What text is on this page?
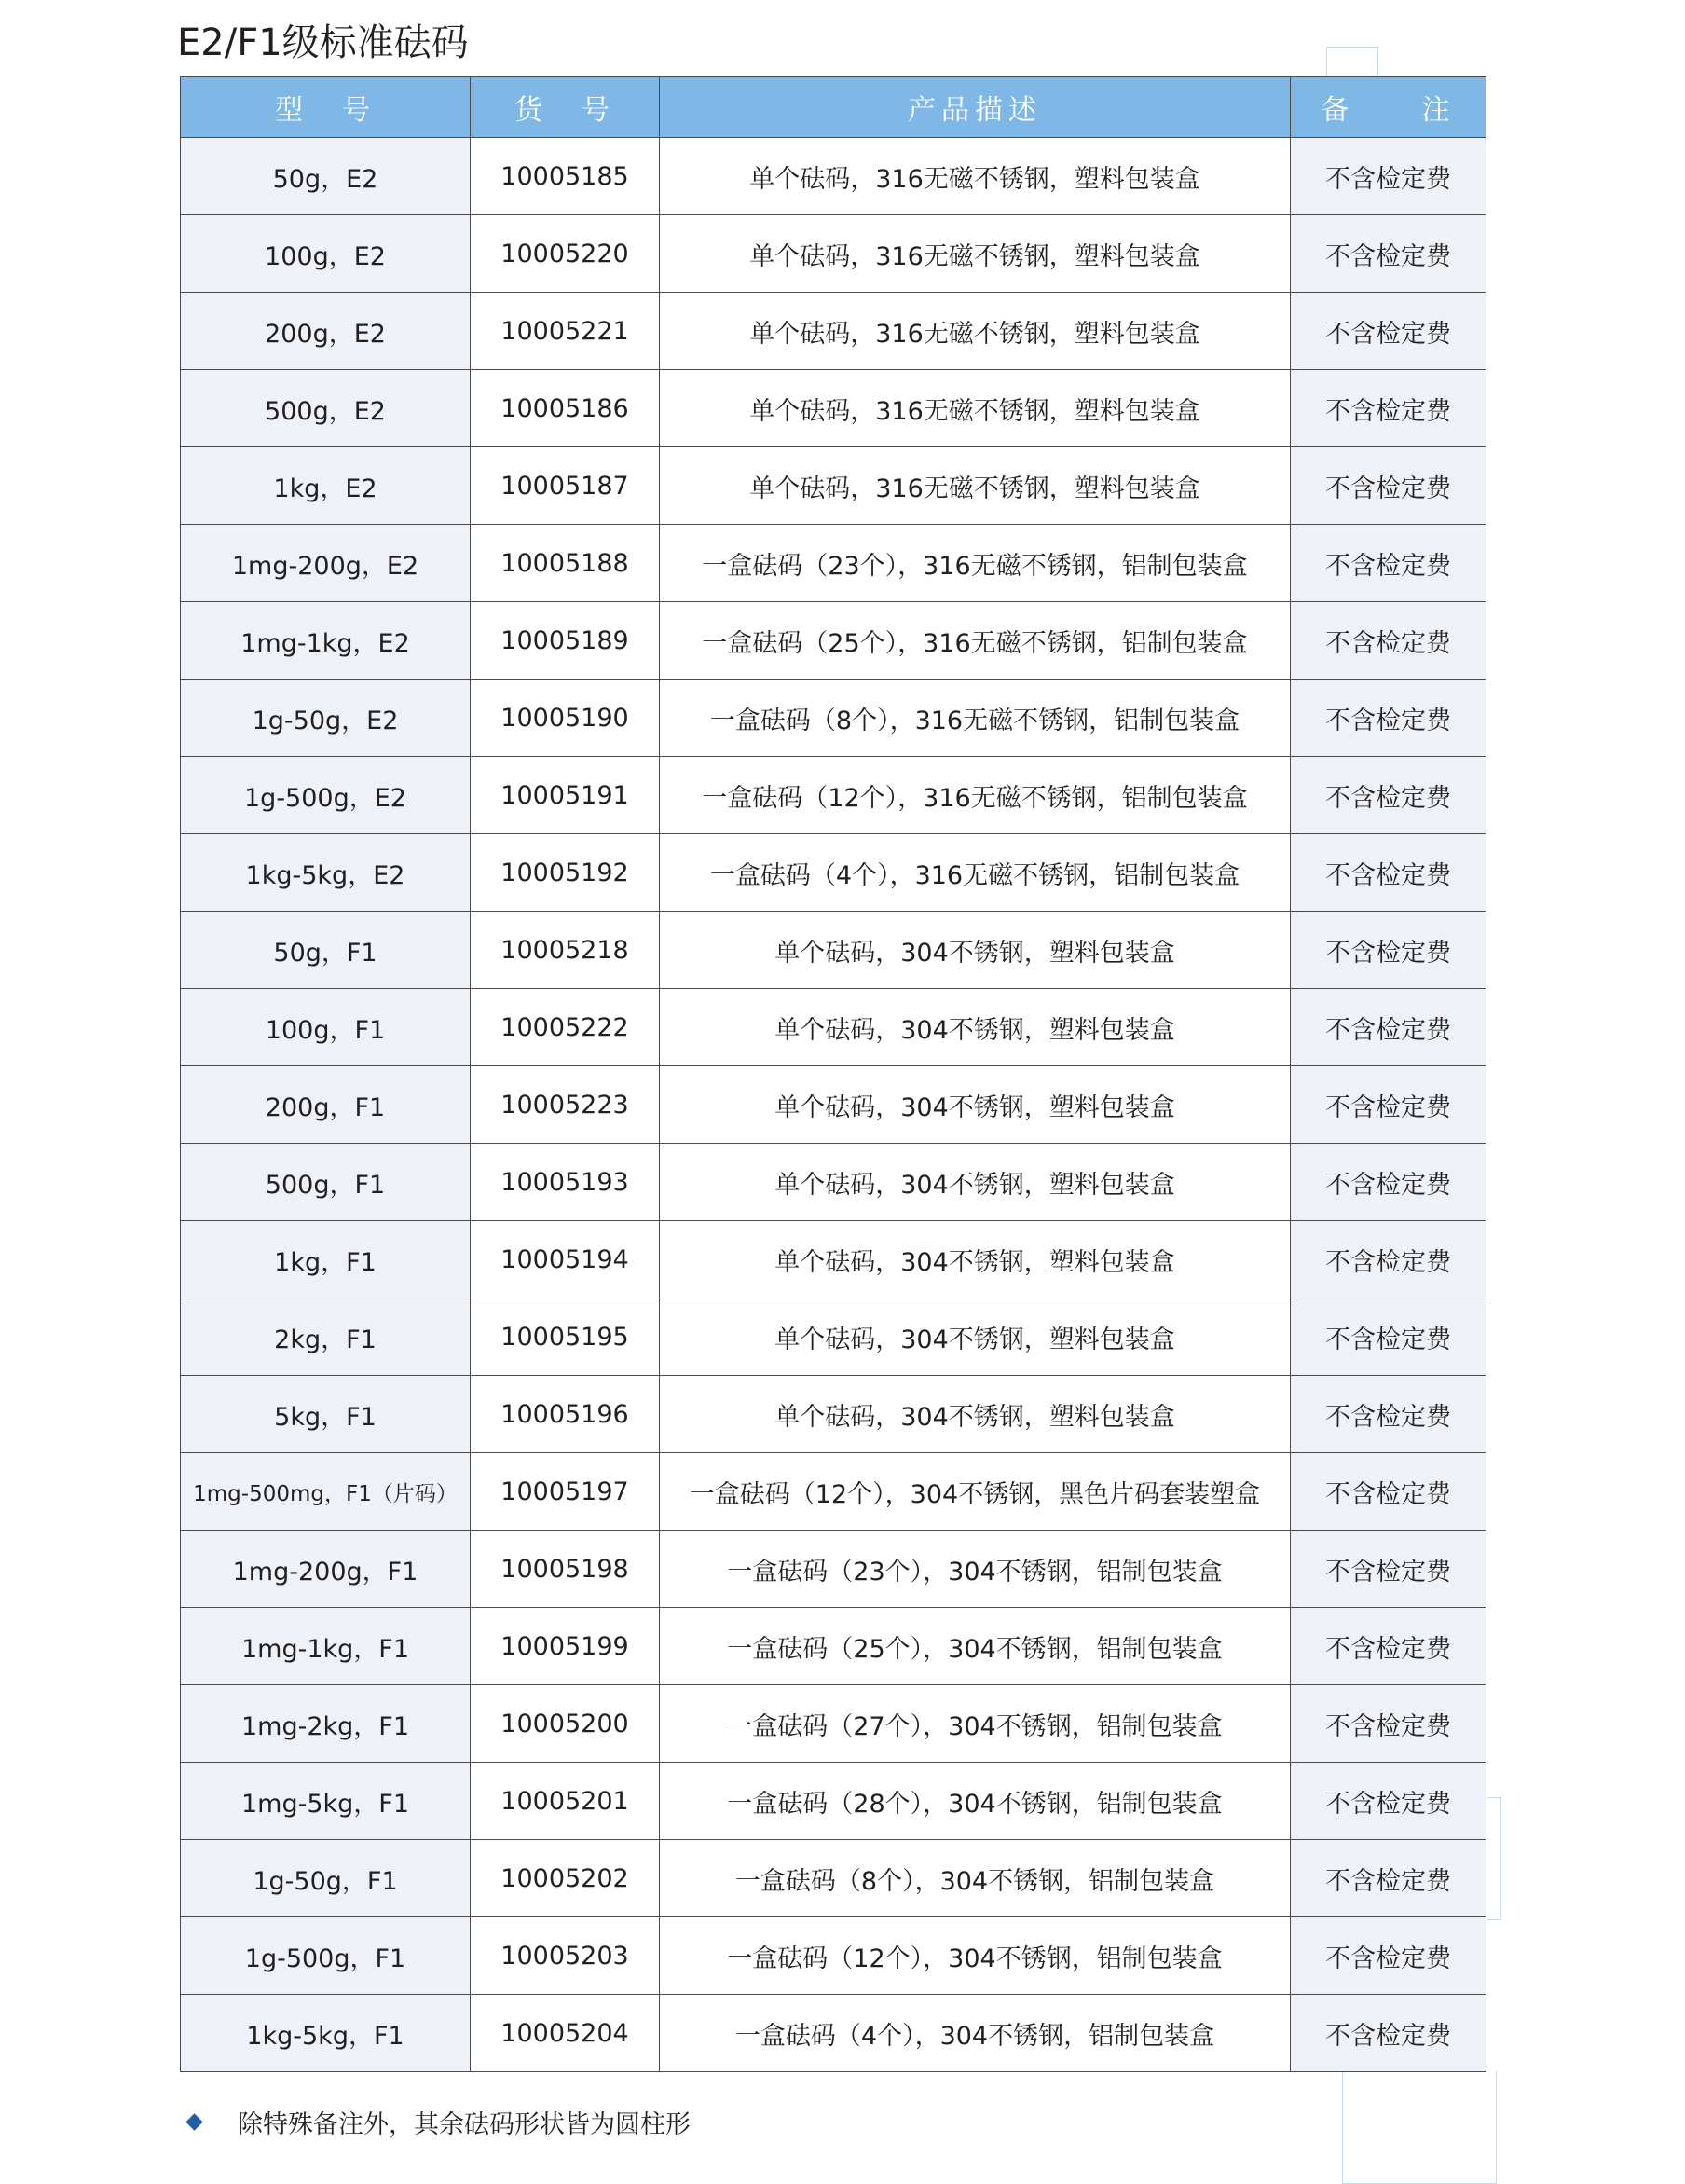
E2/F1级标准砝码
型　号	货　号	产品描述	备　　注
50g，E2	10005185	单个砝码，316无磁不锈钢，塑料包装盒	不含检定费
100g，E2	10005220	单个砝码，316无磁不锈钢，塑料包装盒	不含检定费
200g，E2	10005221	单个砝码，316无磁不锈钢，塑料包装盒	不含检定费
500g，E2	10005186	单个砝码，316无磁不锈钢，塑料包装盒	不含检定费
1kg，E2	10005187	单个砝码，316无磁不锈钢，塑料包装盒	不含检定费
1mg-200g，E2	10005188	一盒砝码（23个），316无磁不锈钢，铝制包装盒	不含检定费
1mg-1kg，E2	10005189	一盒砝码（25个），316无磁不锈钢，铝制包装盒	不含检定费
1g-50g，E2	10005190	一盒砝码（8个），316无磁不锈钢，铝制包装盒	不含检定费
1g-500g，E2	10005191	一盒砝码（12个），316无磁不锈钢，铝制包装盒	不含检定费
1kg-5kg，E2	10005192	一盒砝码（4个），316无磁不锈钢，铝制包装盒	不含检定费
50g，F1	10005218	单个砝码，304不锈钢，塑料包装盒	不含检定费
100g，F1	10005222	单个砝码，304不锈钢，塑料包装盒	不含检定费
200g，F1	10005223	单个砝码，304不锈钢，塑料包装盒	不含检定费
500g，F1	10005193	单个砝码，304不锈钢，塑料包装盒	不含检定费
1kg，F1	10005194	单个砝码，304不锈钢，塑料包装盒	不含检定费
2kg，F1	10005195	单个砝码，304不锈钢，塑料包装盒	不含检定费
5kg，F1	10005196	单个砝码，304不锈钢，塑料包装盒	不含检定费
1mg-500mg，F1（片码）	10005197	一盒砝码（12个），304不锈钢，黑色片码套装塑盒	不含检定费
1mg-200g，F1	10005198	一盒砝码（23个），304不锈钢，铝制包装盒	不含检定费
1mg-1kg，F1	10005199	一盒砝码（25个），304不锈钢，铝制包装盒	不含检定费
1mg-2kg，F1	10005200	一盒砝码（27个），304不锈钢，铝制包装盒	不含检定费
1mg-5kg，F1	10005201	一盒砝码（28个），304不锈钢，铝制包装盒	不含检定费
1g-50g，F1	10005202	一盒砝码（8个），304不锈钢，铝制包装盒	不含检定费
1g-500g，F1	10005203	一盒砝码（12个），304不锈钢，铝制包装盒	不含检定费
1kg-5kg，F1	10005204	一盒砝码（4个），304不锈钢，铝制包装盒	不含检定费
除特殊备注外，其余砝码形状皆为圆柱形
